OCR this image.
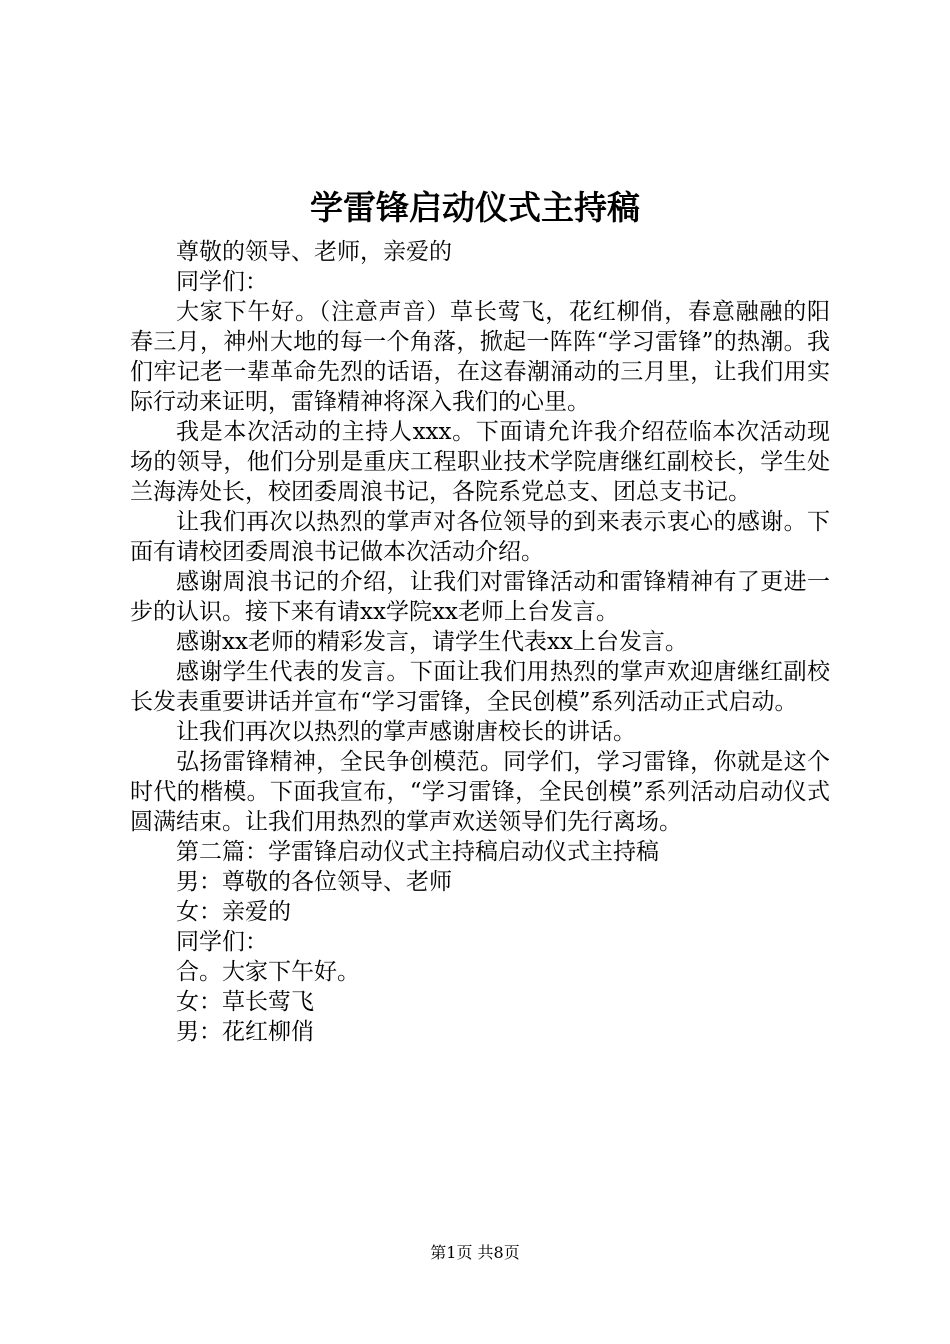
学雷锋启动仪式主持稿

尊敬的领导、老师，亲爱的

同学们：

大家下午好。（注意声音）草长莺飞，花红柳俏，春意融融的阳春三月，神州大地的每一个角落，掀起一阵阵“学习雷锋”的热潮。我们牢记老一辈革命先烈的话语，在这春潮涌动的三月里，让我们用实际行动来证明，雷锋精神将深入我们的心里。

我是本次活动的主持人xxx。下面请允许我介绍莅临本次活动现场的领导，他们分别是重庆工程职业技术学院唐继红副校长，学生处兰海涛处长，校团委周浪书记，各院系党总支、团总支书记。

让我们再次以热烈的掌声对各位领导的到来表示衷心的感谢。下面有请校团委周浪书记做本次活动介绍。

感谢周浪书记的介绍，让我们对雷锋活动和雷锋精神有了更进一步的认识。接下来有请xx学院xx老师上台发言。

感谢xx老师的精彩发言，请学生代表xx上台发言。

感谢学生代表的发言。下面让我们用热烈的掌声欢迎唐继红副校长发表重要讲话并宣布“学习雷锋，全民创模”系列活动正式启动。

让我们再次以热烈的掌声感谢唐校长的讲话。

弘扬雷锋精神，全民争创模范。同学们，学习雷锋，你就是这个时代的楷模。下面我宣布，“学习雷锋，全民创模”系列活动启动仪式圆满结束。让我们用热烈的掌声欢送领导们先行离场。

第二篇：学雷锋启动仪式主持稿启动仪式主持稿

男：尊敬的各位领导、老师

女：亲爱的

同学们：

合。大家下午好。

女：草长莺飞

男：花红柳俏

第1页 共8页
